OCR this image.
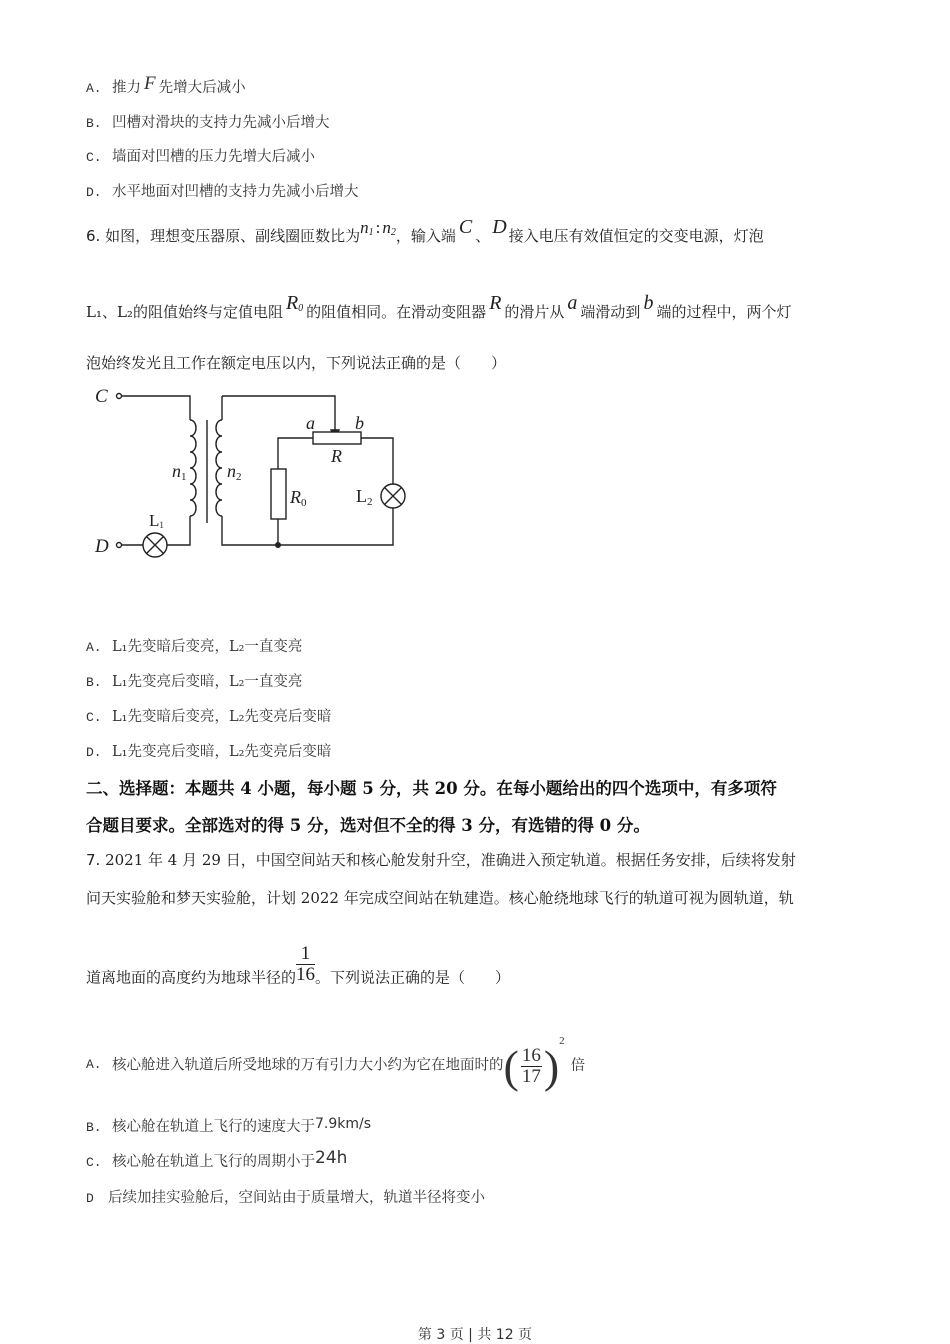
A. 推力 F 先增大后减小
B. 凹槽对滑块的支持力先减小后增大
C. 墙面对凹槽的压力先增大后减小
D. 水平地面对凹槽的支持力先减小后增大
6. 如图，理想变压器原、副线圈匝数比为$n_1$ : $n_2$，输入端 C 、 D 接入电压有效值恒定的交变电源，灯泡
L₁、L₂的阻值始终与定值电阻 $R_0$ 的阻值相同。在滑动变阻器 R 的滑片从 a 端滑动到 b 端的过程中，两个灯
泡始终发光且工作在额定电压以内，下列说法正确的是（　　）
C
D
n1 n2
a b
R
R0	L2
L1
A. L₁先变暗后变亮，L₂一直变亮
B. L₁先变亮后变暗，L₂一直变亮
C. L₁先变暗后变亮，L₂先变亮后变暗
D. L₁先变亮后变暗，L₂先变亮后变暗
二、选择题：本题共 4 小题，每小题 5 分，共 20 分。在每小题给出的四个选项中，有多项符
合题目要求。全部选对的得 5 分，选对但不全的得 3 分，有选错的得 0 分。
7. 2021 年 4 月 29 日，中国空间站天和核心舱发射升空，准确进入预定轨道。根据任务安排，后续将发射
问天实验舱和梦天实验舱，计划 2022 年完成空间站在轨建造。核心舱绕地球飞行的轨道可视为圆轨道，轨
道离地面的高度约为地球半径的 $\frac{1}{16}$ 。下列说法正确的是（　　）
A. 核心舱进入轨道后所受地球的万有引力大小约为它在地面时的( $\frac{16}{17} )^2$倍
B. 核心舱在轨道上飞行的速度大于7.9km/s
C. 核心舱在轨道上飞行的周期小于24h
D 后续加挂实验舱后，空间站由于质量增大，轨道半径将变小
第 3 页 | 共 12 页
